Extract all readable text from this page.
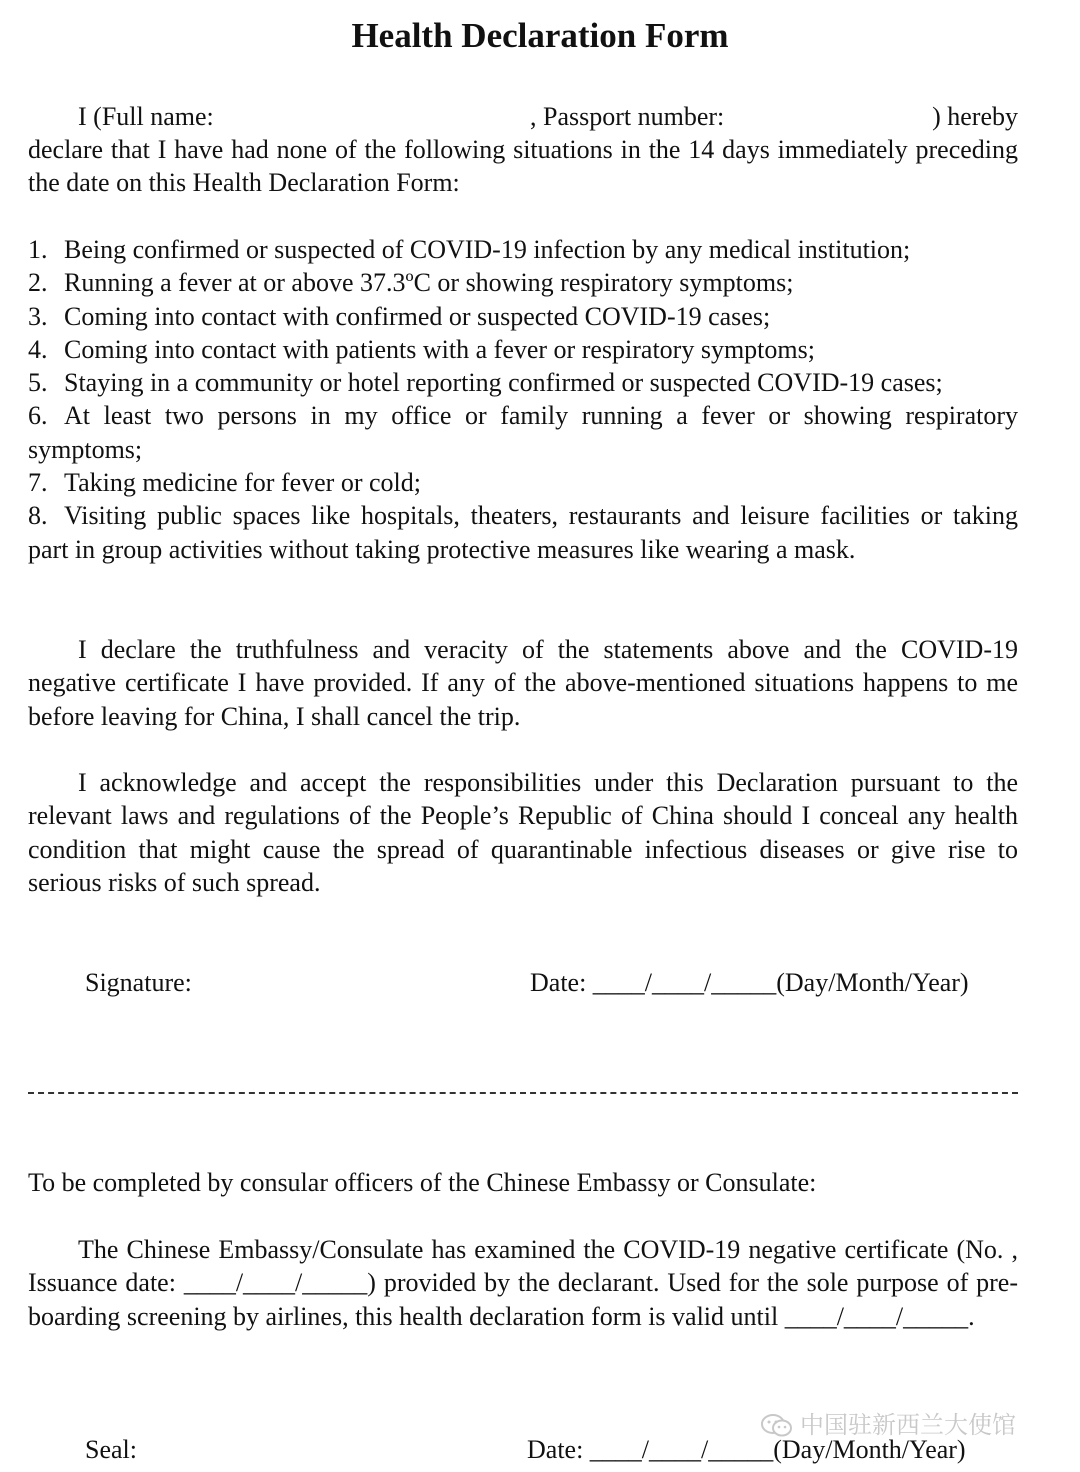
Health Declaration Form
I (Full name:	, Passport number:	) hereby
declare that I have had none of the following situations in the 14 days immediately preceding the date on this Health Declaration Form:
1. Being confirmed or suspected of COVID-19 infection by any medical institution;
2. Running a fever at or above 37.3ºC or showing respiratory symptoms;
3. Coming into contact with confirmed or suspected COVID-19 cases;
4. Coming into contact with patients with a fever or respiratory symptoms;
5. Staying in a community or hotel reporting confirmed or suspected COVID-19 cases;
6. At least two persons in my office or family running a fever or showing respiratory symptoms;
7. Taking medicine for fever or cold;
8. Visiting public spaces like hospitals, theaters, restaurants and leisure facilities or taking part in group activities without taking protective measures like wearing a mask.
I declare the truthfulness and veracity of the statements above and the COVID-19 negative certificate I have provided. If any of the above-mentioned situations happens to me before leaving for China, I shall cancel the trip.
I acknowledge and accept the responsibilities under this Declaration pursuant to the relevant laws and regulations of the People’s Republic of China should I conceal any health condition that might cause the spread of quarantinable infectious diseases or give rise to serious risks of such spread.
Signature:	Date: ____/____/_____(Day/Month/Year)
To be completed by consular officers of the Chinese Embassy or Consulate:
The Chinese Embassy/Consulate has examined the COVID-19 negative certificate (No. , Issuance date: ____/____/_____) provided by the declarant. Used for the sole purpose of pre-boarding screening by airlines, this health declaration form is valid until ____/____/_____.
中国驻新西兰大使馆
Seal:	Date: ____/____/_____(Day/Month/Year)
